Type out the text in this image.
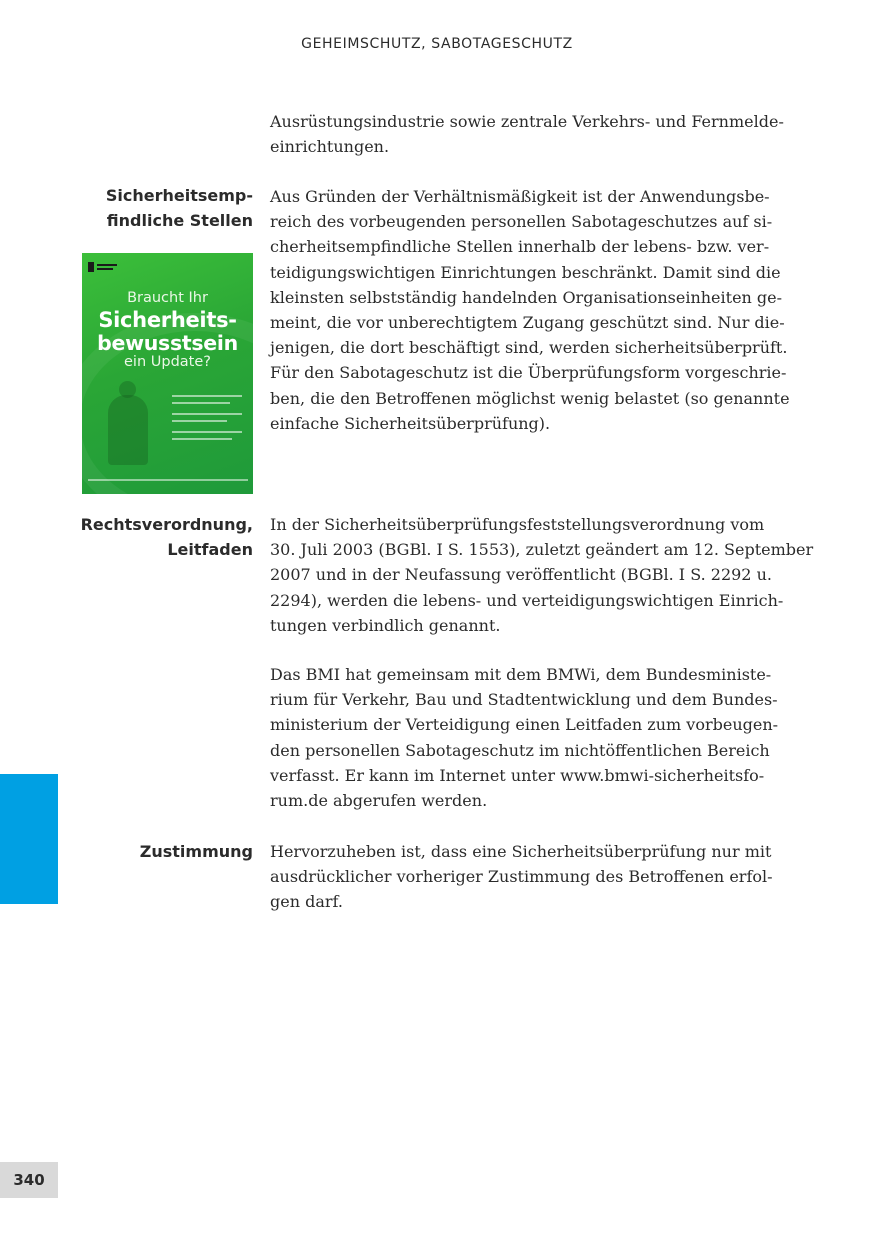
GEHEIMSCHUTZ, SABOTAGESCHUTZ
Ausrüstungsindustrie sowie zentrale Verkehrs- und Fernmelde-
einrichtungen.
Sicherheitsemp-
findliche Stellen
Aus Gründen der Verhältnismäßigkeit ist der Anwendungsbe-
reich des vorbeugenden personellen Sabotageschutzes auf si-
cherheitsempfindliche Stellen innerhalb der lebens- bzw. ver-
teidigungswichtigen Einrichtungen beschränkt. Damit sind die
kleinsten selbstständig handelnden Organisationseinheiten ge-
meint, die vor unberechtigtem Zugang geschützt sind. Nur die-
jenigen, die dort beschäftigt sind, werden sicherheitsüberprüft.
Für den Sabotageschutz ist die Überprüfungsform vorgeschrie-
ben, die den Betroffenen möglichst wenig belastet (so genannte
einfache Sicherheitsüberprüfung).
Braucht Ihr
Sicherheits-
bewusstsein
ein Update?
Rechtsverordnung,
Leitfaden
In der Sicherheitsüberprüfungsfeststellungsverordnung vom
30. Juli 2003 (BGBl. I S. 1553), zuletzt geändert am 12. September
2007 und in der Neufassung veröffentlicht (BGBl. I S. 2292 u.
2294), werden die lebens- und verteidigungswichtigen Einrich-
tungen verbindlich genannt.
Das BMI hat gemeinsam mit dem BMWi, dem Bundesministe-
rium für Verkehr, Bau und Stadtentwicklung und dem Bundes-
ministerium der Verteidigung einen Leitfaden zum vorbeugen-
den personellen Sabotageschutz im nichtöffentlichen Bereich
verfasst. Er kann im Internet unter www.bmwi-sicherheitsfo-
rum.de abgerufen werden.
Zustimmung Hervorzuheben ist, dass eine Sicherheitsüberprüfung nur mit
ausdrücklicher vorheriger Zustimmung des Betroffenen erfol-
gen darf.
340
